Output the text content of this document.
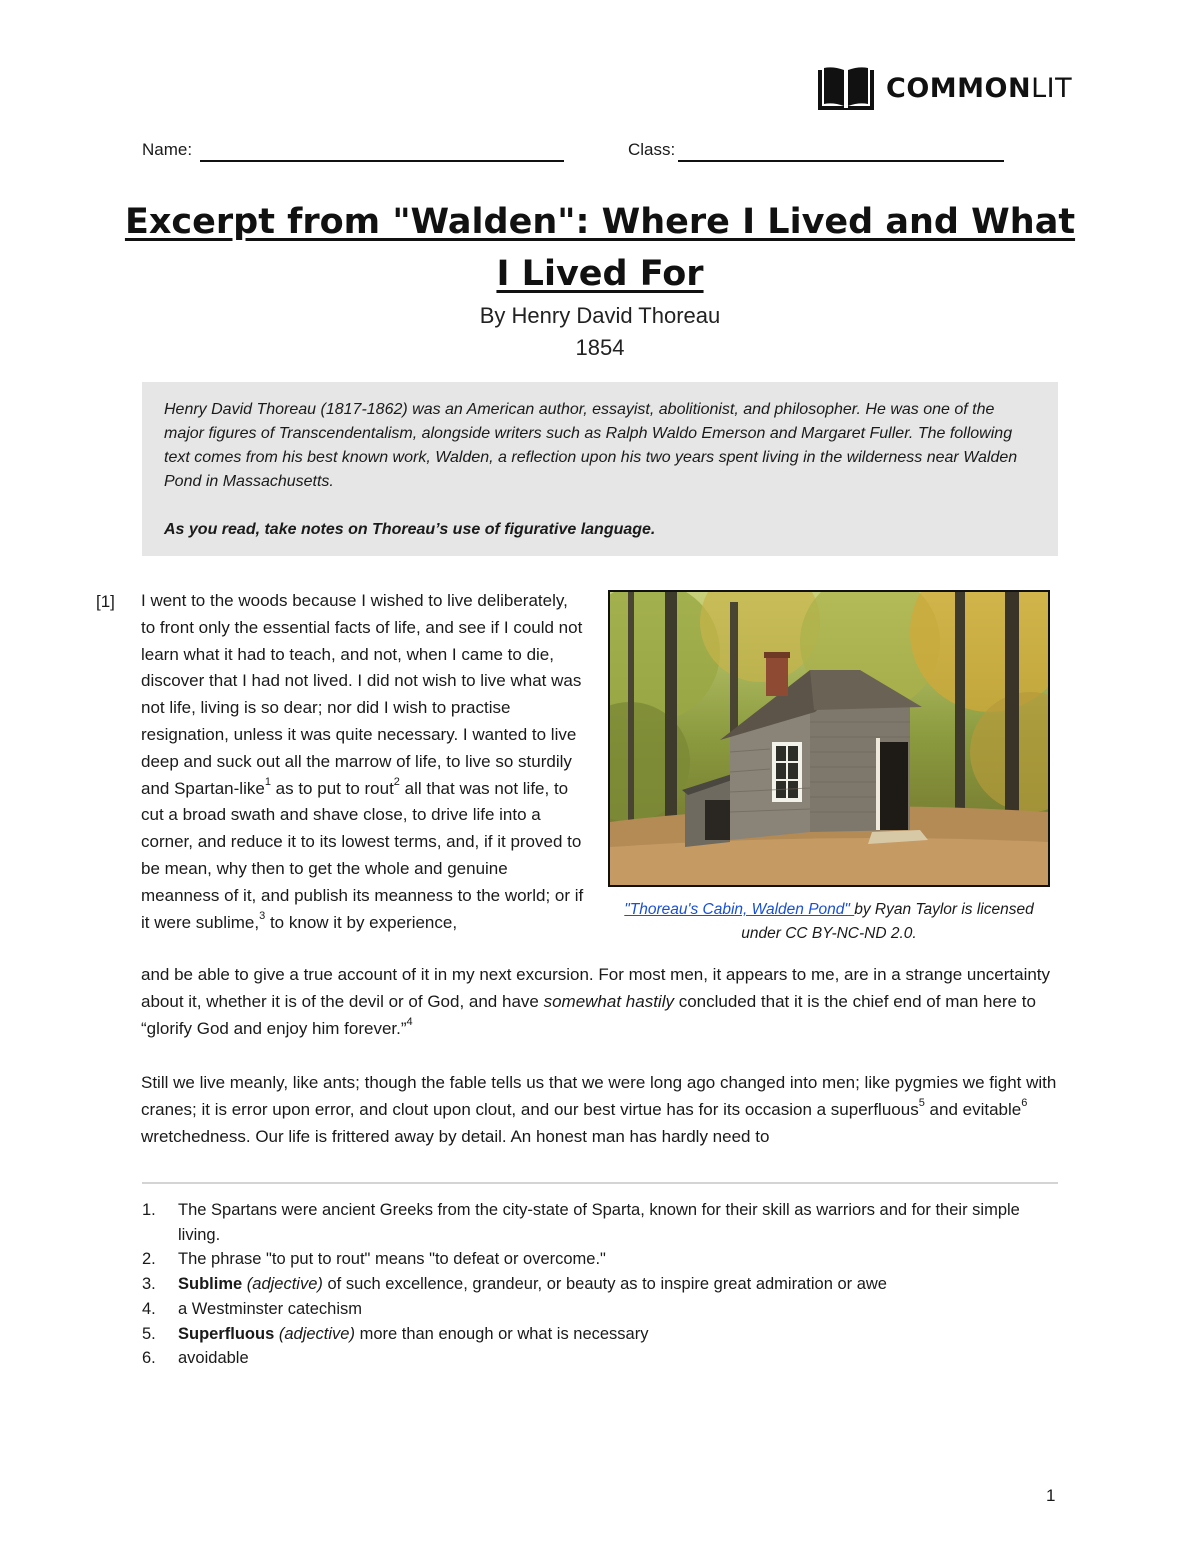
COMMONLIT
Name:	Class:
Excerpt from "Walden": Where I Lived and What
I Lived For
By Henry David Thoreau
1854
Henry David Thoreau (1817-1862) was an American author, essayist, abolitionist, and philosopher. He was one of the major figures of Transcendentalism, alongside writers such as Ralph Waldo Emerson and Margaret Fuller. The following text comes from his best known work, Walden, a reflection upon his two years spent living in the wilderness near Walden Pond in Massachusetts.
As you read, take notes on Thoreau’s use of figurative language.
[1] I went to the woods because I wished to live deliberately, to front only the essential facts of life, and see if I could not learn what it had to teach, and not, when I came to die, discover that I had not lived. I did not wish to live what was not life, living is so dear; nor did I wish to practise resignation, unless it was quite necessary. I wanted to live deep and suck out all the marrow of life, to live so sturdily and Spartan-like$^1$ as to put to rout$^2$ all that was not life, to cut a broad swath and shave close, to drive life into a corner, and reduce it to its lowest terms, and, if it proved to be mean, why then to get the whole and genuine meanness of it, and publish its meanness to the world; or if it were sublime,$^3$ to know it by experience,
and be able to give a true account of it in my next excursion. For most men, it appears to me, are in a strange uncertainty about it, whether it is of the devil or of God, and have somewhat hastily concluded that it is the chief end of man here to “glorify God and enjoy him forever.”$^4$
Still we live meanly, like ants; though the fable tells us that we were long ago changed into men; like pygmies we fight with cranes; it is error upon error, and clout upon clout, and our best virtue has for its occasion a superfluous$^5$ and evitable$^6$ wretchedness. Our life is frittered away by detail. An honest man has hardly need to
"Thoreau's Cabin, Walden Pond" by Ryan Taylor is licensed under CC BY-NC-ND 2.0.
1. The Spartans were ancient Greeks from the city-state of Sparta, known for their skill as warriors and for their simple living.
2. The phrase "to put to rout" means "to defeat or overcome."
3. Sublime (adjective) of such excellence, grandeur, or beauty as to inspire great admiration or awe
4. a Westminster catechism
5. Superfluous (adjective) more than enough or what is necessary
6. avoidable
1
